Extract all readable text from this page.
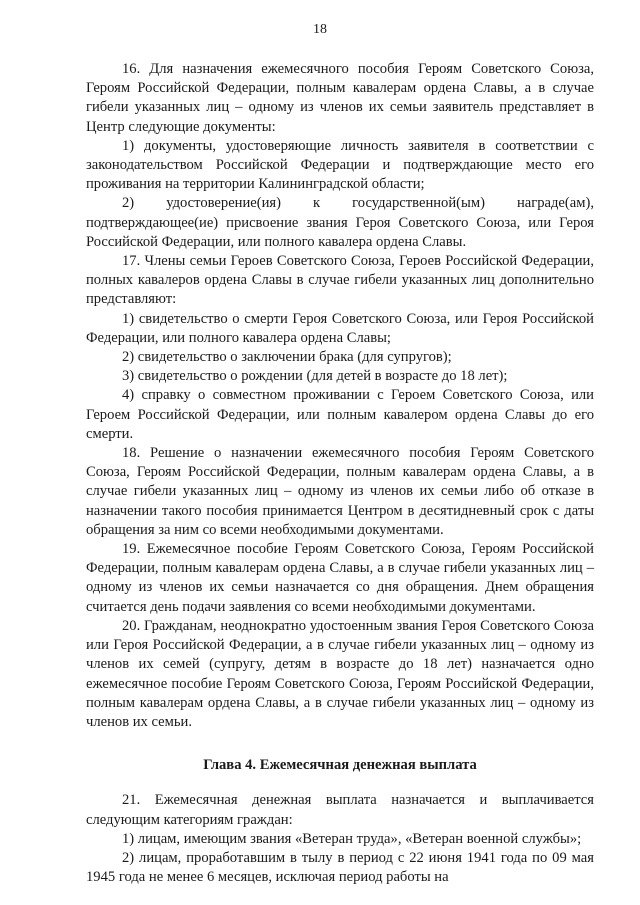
18

16. Для назначения ежемесячного пособия Героям Советского Союза, Героям Российской Федерации, полным кавалерам ордена Славы, а в случае гибели указанных лиц – одному из членов их семьи заявитель представляет в Центр следующие документы:

1) документы, удостоверяющие личность заявителя в соответствии с законодательством Российской Федерации и подтверждающие место его проживания на территории Калининградской области;

2) удостоверение(ия) к государственной(ым) награде(ам), подтверждающее(ие) присвоение звания Героя Советского Союза, или Героя Российской Федерации, или полного кавалера ордена Славы.

17. Члены семьи Героев Советского Союза, Героев Российской Федерации, полных кавалеров ордена Славы в случае гибели указанных лиц дополнительно представляют:

1) свидетельство о смерти Героя Советского Союза, или Героя Российской Федерации, или полного кавалера ордена Славы;

2) свидетельство о заключении брака (для супругов);

3) свидетельство о рождении (для детей в возрасте до 18 лет);

4) справку о совместном проживании с Героем Советского Союза, или Героем Российской Федерации, или полным кавалером ордена Славы до его смерти.

18. Решение о назначении ежемесячного пособия Героям Советского Союза, Героям Российской Федерации, полным кавалерам ордена Славы, а в случае гибели указанных лиц – одному из членов их семьи либо об отказе в назначении такого пособия принимается Центром в десятидневный срок с даты обращения за ним со всеми необходимыми документами.

19. Ежемесячное пособие Героям Советского Союза, Героям Российской Федерации, полным кавалерам ордена Славы, а в случае гибели указанных лиц – одному из членов их семьи назначается со дня обращения. Днем обращения считается день подачи заявления со всеми необходимыми документами.

20. Гражданам, неоднократно удостоенным звания Героя Советского Союза или Героя Российской Федерации, а в случае гибели указанных лиц – одному из членов их семей (супругу, детям в возрасте до 18 лет) назначается одно ежемесячное пособие Героям Советского Союза, Героям Российской Федерации, полным кавалерам ордена Славы, а в случае гибели указанных лиц – одному из членов их семьи.

Глава 4. Ежемесячная денежная выплата

21. Ежемесячная денежная выплата назначается и выплачивается следующим категориям граждан:

1) лицам, имеющим звания «Ветеран труда», «Ветеран военной службы»;

2) лицам, проработавшим в тылу в период с 22 июня 1941 года по 09 мая 1945 года не менее 6 месяцев, исключая период работы на
